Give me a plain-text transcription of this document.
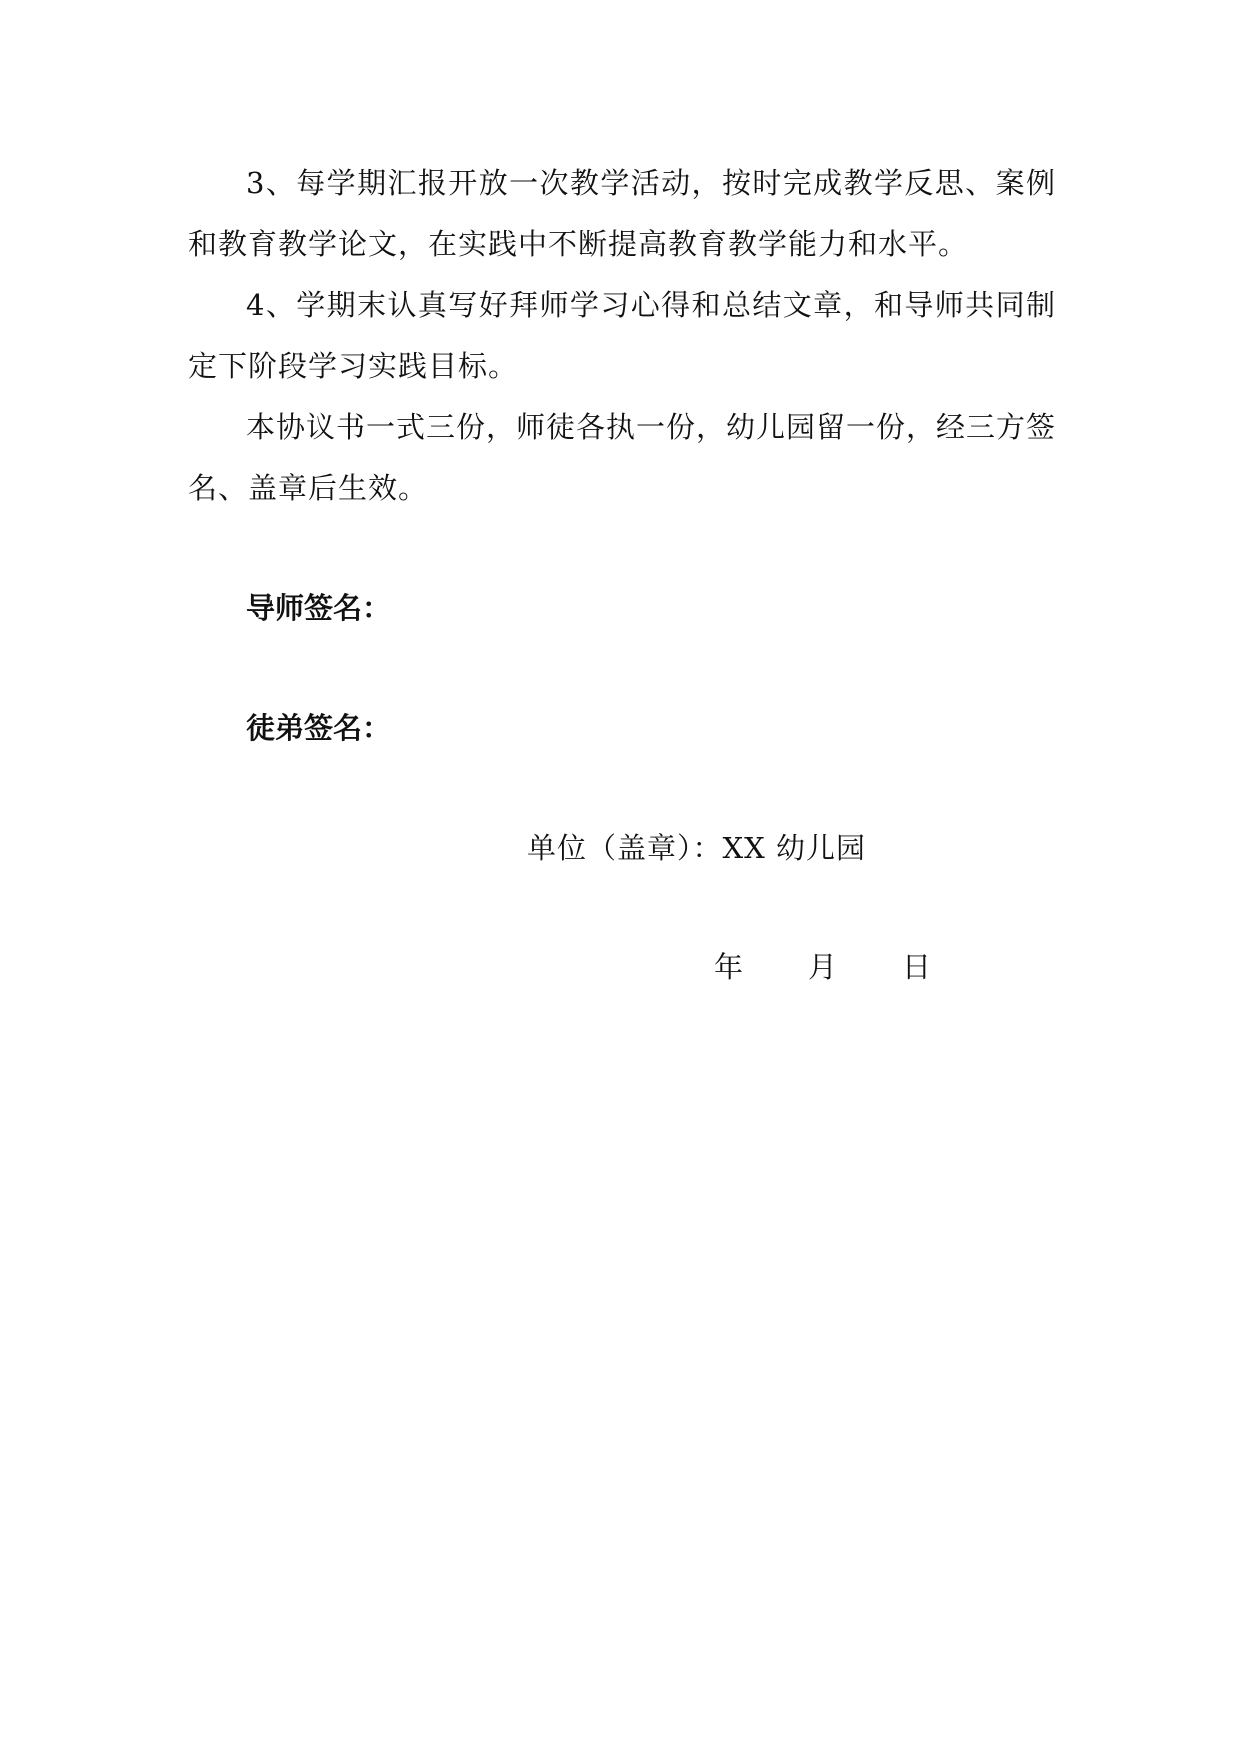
3、每学期汇报开放一次教学活动，按时完成教学反思、案例和教育教学论文，在实践中不断提高教育教学能力和水平。

4、学期末认真写好拜师学习心得和总结文章，和导师共同制定下阶段学习实践目标。

本协议书一式三份，师徒各执一份，幼儿园留一份，经三方签名、盖章后生效。

导师签名：
徒弟签名：
单位（盖章）：XX 幼儿园
年 月 日
